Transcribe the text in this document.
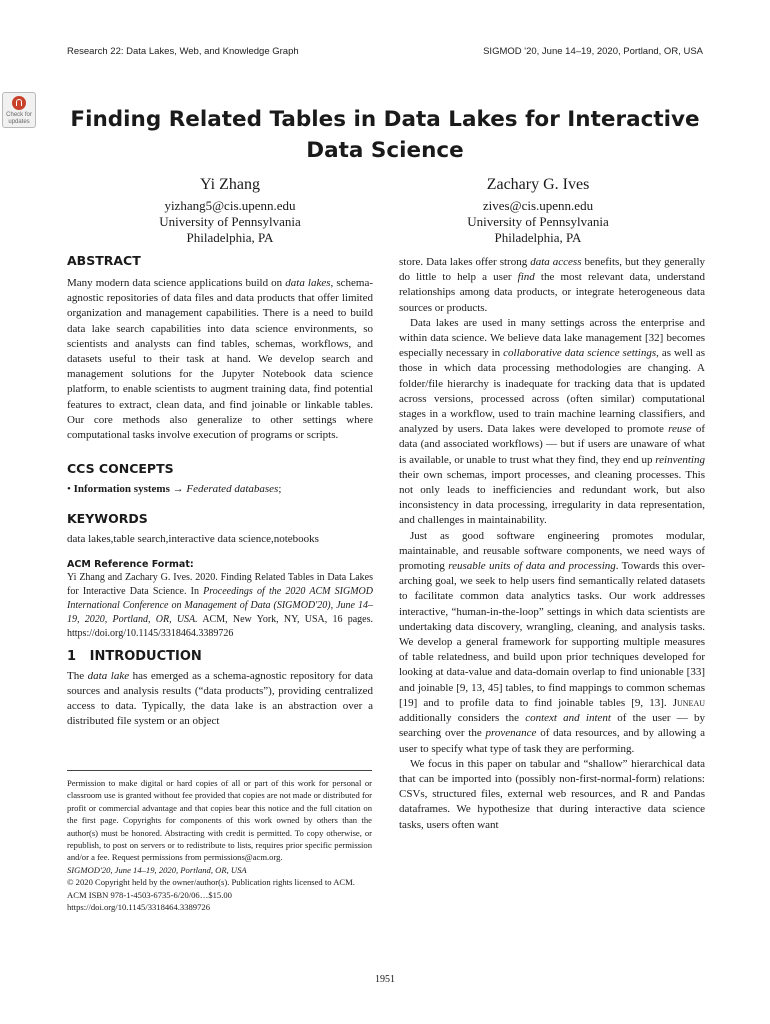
Research 22: Data Lakes, Web, and Knowledge Graph	SIGMOD '20, June 14–19, 2020, Portland, OR, USA
Check for updates	Finding Related Tables in Data Lakes for Interactive Data Science
Yi Zhang
yizhang5@cis.upenn.edu
University of Pennsylvania
Philadelphia, PA
Zachary G. Ives
zives@cis.upenn.edu
University of Pennsylvania
Philadelphia, PA

ABSTRACT

Many modern data science applications build on data lakes, schema-agnostic repositories of data files and data products that offer limited organization and management capabilities. There is a need to build data lake search capabilities into data science environments, so scientists and analysts can find tables, schemas, workflows, and datasets useful to their task at hand. We develop search and management solutions for the Jupyter Notebook data science platform, to enable scientists to augment training data, find potential features to extract, clean data, and find joinable or linkable tables. Our core methods also generalize to other settings where computational tasks involve execution of programs or scripts.

CCS CONCEPTS

• Information systems → Federated databases;

KEYWORDS

data lakes,table search,interactive data science,notebooks

ACM Reference Format:

Yi Zhang and Zachary G. Ives. 2020. Finding Related Tables in Data Lakes for Interactive Data Science. In Proceedings of the 2020 ACM SIGMOD International Conference on Management of Data (SIGMOD'20), June 14–19, 2020, Portland, OR, USA. ACM, New York, NY, USA, 16 pages. https://doi.org/10.1145/3318464.3389726

1 INTRODUCTION

The data lake has emerged as a schema-agnostic repository for data sources and analysis results (“data products”), providing centralized access to data. Typically, the data lake is an abstraction over a distributed file system or an object

Permission to make digital or hard copies of all or part of this work for personal or classroom use is granted without fee provided that copies are not made or distributed for profit or commercial advantage and that copies bear this notice and the full citation on the first page. Copyrights for components of this work owned by others than the author(s) must be honored. Abstracting with credit is permitted. To copy otherwise, or republish, to post on servers or to redistribute to lists, requires prior specific permission and/or a fee. Request permissions from permissions@acm.org.

SIGMOD'20, June 14–19, 2020, Portland, OR, USA

© 2020 Copyright held by the owner/author(s). Publication rights licensed to ACM.

ACM ISBN 978-1-4503-6735-6/20/06…$15.00

https://doi.org/10.1145/3318464.3389726

store. Data lakes offer strong data access benefits, but they generally do little to help a user find the most relevant data, understand relationships among data products, or integrate heterogeneous data sources or products.

Data lakes are used in many settings across the enterprise and within data science. We believe data lake management [32] becomes especially necessary in collaborative data science settings, as well as those in which data processing methodologies are changing. A folder/file hierarchy is inadequate for tracking data that is updated across versions, processed across (often similar) computational stages in a workflow, used to train machine learning classifiers, and analyzed by users. Data lakes were developed to promote reuse of data (and associated workflows) — but if users are unaware of what is available, or unable to trust what they find, they end up reinventing their own schemas, import processes, and cleaning processes. This not only leads to inefficiencies and redundant work, but also inconsistency in data processing, irregularity in data representation, and challenges in maintainability.

Just as good software engineering promotes modular, maintainable, and reusable software components, we need ways of promoting reusable units of data and processing. Towards this over-arching goal, we seek to help users find semantically related datasets to facilitate common data analytics tasks. Our work addresses interactive, “human-in-the-loop” settings in which data scientists are undertaking data discovery, wrangling, cleaning, and analysis tasks. We develop a general framework for supporting multiple measures of table relatedness, and build upon prior techniques developed for looking at data-value and data-domain overlap to find unionable [33] and joinable [9, 13, 45] tables, to find mappings to common schemas [19] and to profile data to find joinable tables [9, 13]. Juneau additionally considers the context and intent of the user — by searching over the provenance of data resources, and by allowing a user to specify what type of task they are performing.

We focus in this paper on tabular and “shallow” hierarchical data that can be imported into (possibly non-first-normal-form) relations: CSVs, structured files, external web resources, and R and Pandas dataframes. We hypothesize that during interactive data science tasks, users often want

1951
